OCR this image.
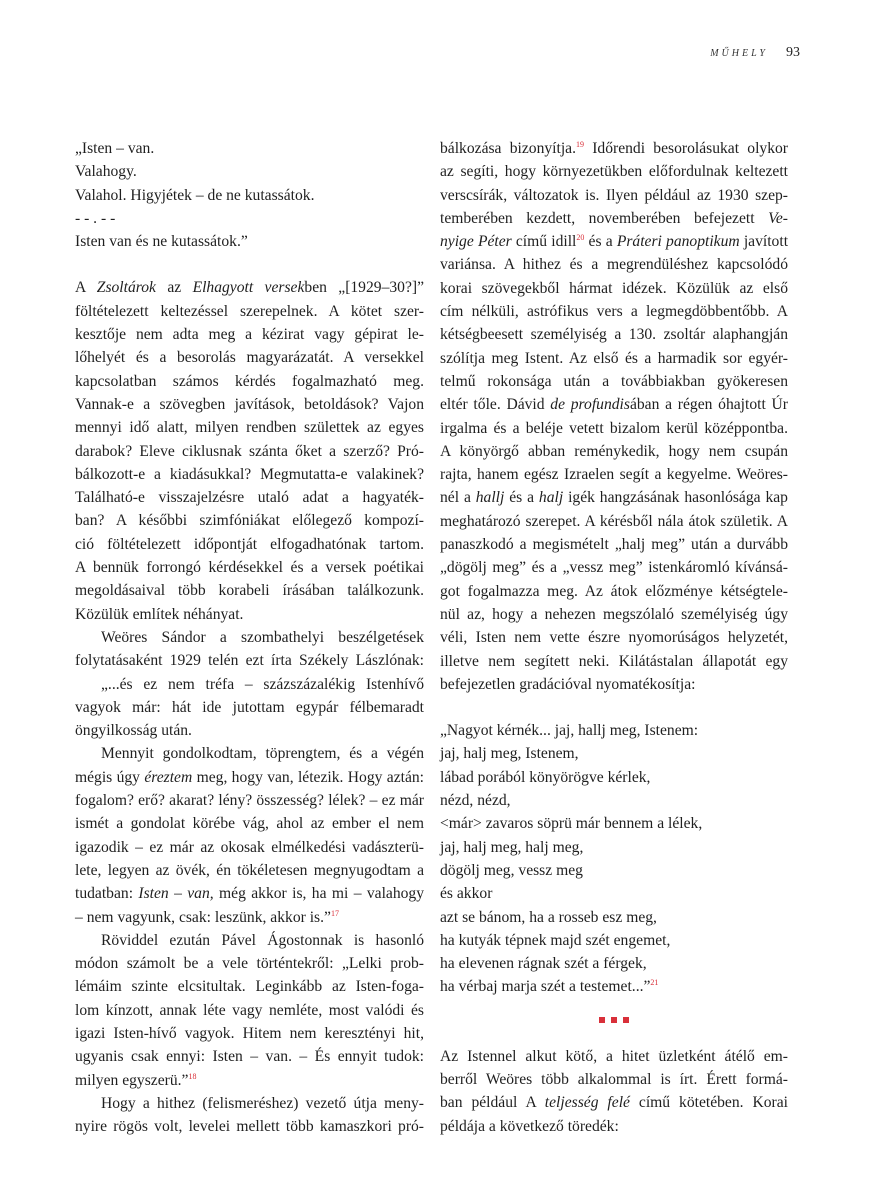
MŰHELY 93
„Isten – van.
Valahogy.
Valahol. Higyjétek – de ne kutassátok.
- - . - -
Isten van és ne kutassátok.”
A Zsoltárok az Elhagyott versekben „[1929–30?]”
föltételezett keltezéssel szerepelnek. A kötet szer-
kesztője nem adta meg a kézirat vagy gépirat le-
lőhelyét és a besorolás magyarázatát. A versekkel
kapcsolatban számos kérdés fogalmazható meg.
Vannak-e a szövegben javítások, betoldások? Vajon
mennyi idő alatt, milyen rendben születtek az egyes
darabok? Eleve ciklusnak szánta őket a szerző? Pró-
bálkozott-e a kiadásukkal? Megmutatta-e valakinek?
Található-e visszajelzésre utaló adat a hagyaték-
ban? A későbbi szimfóniákat előlegező kompozí-
ció föltételezett időpontját elfogadhatónak tartom.
A bennük forrongó kérdésekkel és a versek poétikai
megoldásaival több korabeli írásában találkozunk.
Közülük említek néhányat.
Weöres Sándor a szombathelyi beszélgetések
folytatásaként 1929 telén ezt írta Székely Lászlónak:
„...és ez nem tréfa – százszázalékig Istenhívő
vagyok már: hát ide jutottam egypár félbemaradt
öngyilkosság után.
Mennyit gondolkodtam, töprengtem, és a végén
mégis úgy éreztem meg, hogy van, létezik. Hogy aztán:
fogalom? erő? akarat? lény? összesség? lélek? – ez már
ismét a gondolat körébe vág, ahol az ember el nem
igazodik – ez már az okosak elmélkedési vadászterü-
lete, legyen az övék, én tökéletesen megnyugodtam a
tudatban: Isten – van, még akkor is, ha mi – valahogy
– nem vagyunk, csak: leszünk, akkor is.”$^{17}$
Röviddel ezután Pável Ágostonnak is hasonló
módon számolt be a vele történtekről: „Lelki prob-
lémáim szinte elcsitultak. Leginkább az Isten-foga-
lom kínzott, annak léte vagy nemléte, most valódi és
igazi Isten-hívő vagyok. Hitem nem keresztényi hit,
ugyanis csak ennyi: Isten – van. – És ennyit tudok:
milyen egyszerü.”$^{18}$
Hogy a hithez (felismeréshez) vezető útja meny-
nyire rögös volt, levelei mellett több kamaszkori pró-
bálkozása bizonyítja.$^{19}$ Időrendi besorolásukat olykor
az segíti, hogy környezetükben előfordulnak keltezett
verscsírák, változatok is. Ilyen például az 1930 szep-
temberében kezdett, novemberében befejezett Ve-
nyige Péter című idill$^{20}$ és a Práteri panoptikum javított
variánsa. A hithez és a megrendüléshez kapcsolódó
korai szövegekből hármat idézek. Közülük az első
cím nélküli, astrófikus vers a legmegdöbbentőbb. A
kétségbeesett személyiség a 130. zsoltár alaphangján
szólítja meg Istent. Az első és a harmadik sor egyér-
telmű rokonsága után a továbbiakban gyökeresen
eltér tőle. Dávid de profundisában a régen óhajtott Úr
irgalma és a beléje vetett bizalom kerül középpontba.
A könyörgő abban reménykedik, hogy nem csupán
rajta, hanem egész Izraelen segít a kegyelme. Weöres-
nél a hallj és a halj igék hangzásának hasonlósága kap
meghatározó szerepet. A kérésből nála átok születik. A
panaszkodó a megismételt „halj meg” után a durvább
„dögölj meg” és a „vessz meg” istenkáromló kívánsá-
got fogalmazza meg. Az átok előzménye kétségtele-
nül az, hogy a nehezen megszólaló személyiség úgy
véli, Isten nem vette észre nyomorúságos helyzetét,
illetve nem segített neki. Kilátástalan állapotát egy
befejezetlen gradációval nyomatékosítja:
„Nagyot kérnék... jaj, hallj meg, Istenem:
jaj, halj meg, Istenem,
lábad porából könyörögve kérlek,
nézd, nézd,
<már> zavaros söprü már bennem a lélek,
jaj, halj meg, halj meg,
dögölj meg, vessz meg
és akkor
azt se bánom, ha a rosseb esz meg,
ha kutyák tépnek majd szét engemet,
ha elevenen rágnak szét a férgek,
ha vérbaj marja szét a testemet...”$^{21}$
Az Istennel alkut kötő, a hitet üzletként átélő em-
berről Weöres több alkalommal is írt. Érett formá-
ban például A teljesség felé című kötetében. Korai
példája a következő töredék:
